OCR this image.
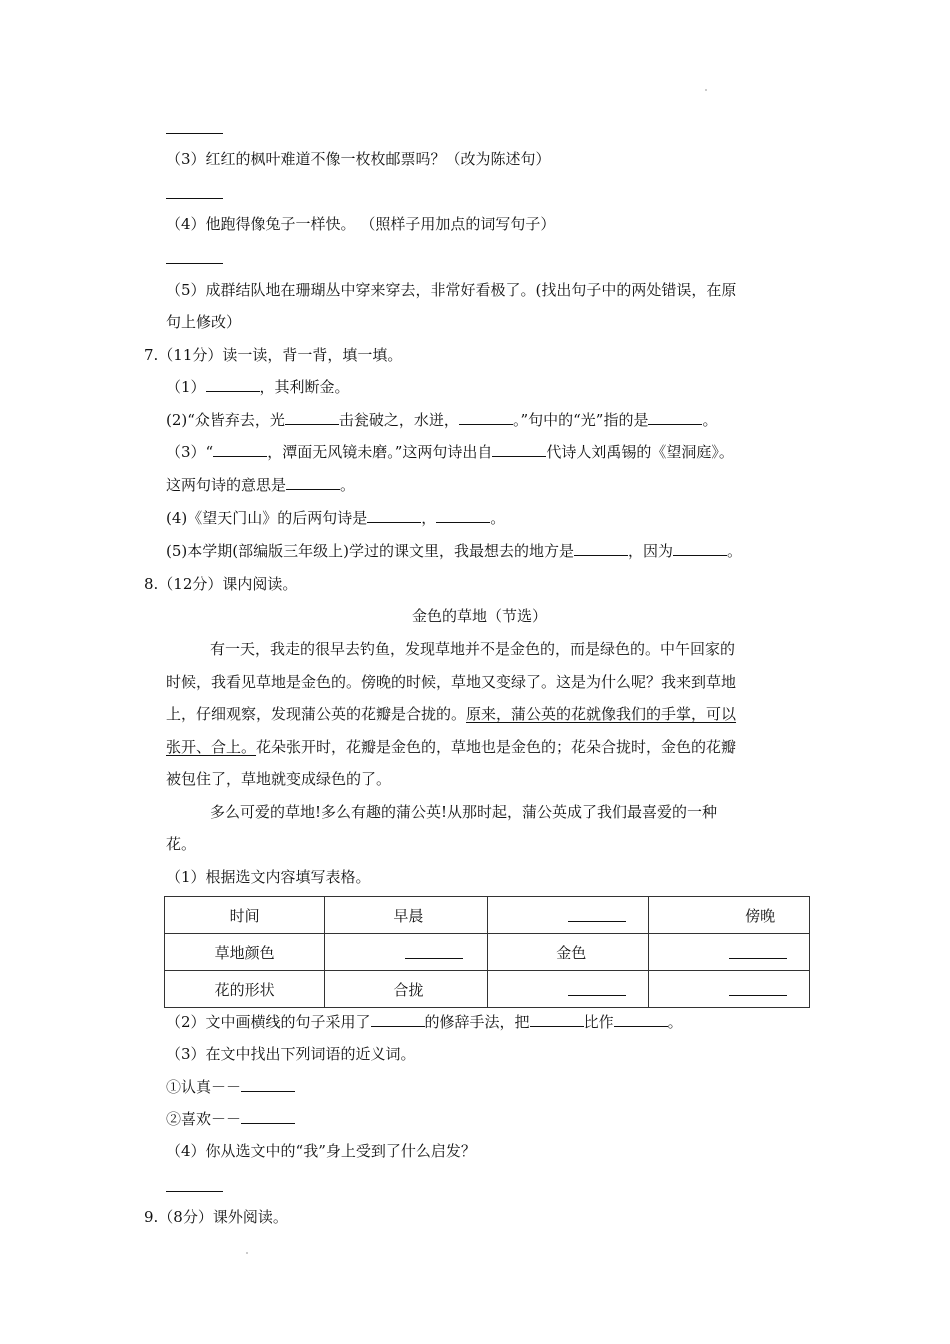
（3）红红的枫叶难道不像一枚枚邮票吗？（改为陈述句）
（4）他跑得像兔子一样快。 （照样子用加点的词写句子）
（5）成群结队地在珊瑚丛中穿来穿去，非常好看极了。(找出句子中的两处错误，在原
句上修改）
7.（11分）读一读，背一背，填一填。
（1）	，其利断金。
(2)“众皆弃去，光	击瓮破之，水迸，	。”句中的“光”指的是	。
（3）“	，潭面无风镜未磨。”这两句诗出自	代诗人刘禹锡的《望洞庭》。
这两句诗的意思是	。
(4)《望天门山》的后两句诗是	，	。
(5)本学期(部编版三年级上)学过的课文里，我最想去的地方是	，因为	。
8.（12分）课内阅读。
金色的草地（节选）
有一天，我走的很早去钓鱼，发现草地并不是金色的，而是绿色的。中午回家的
时候，我看见草地是金色的。傍晚的时候，草地又变绿了。这是为什么呢？我来到草地
上，仔细观察，发现蒲公英的花瓣是合拢的。原来，蒲公英的花就像我们的手掌，可以
张开、合上。花朵张开时，花瓣是金色的，草地也是金色的；花朵合拢时，金色的花瓣
被包住了，草地就变成绿色的了。
多么可爱的草地!多么有趣的蒲公英!从那时起，蒲公英成了我们最喜爱的一种
花。
（1）根据选文内容填写表格。
时间	早晨		傍晚
草地颜色		金色	
花的形状	合拢		
（2）文中画横线的句子采用了	的修辞手法，把	比作	。
（3）在文中找出下列词语的近义词。
①认真－－
②喜欢－－
（4）你从选文中的“我”身上受到了什么启发？
9.（8分）课外阅读。
